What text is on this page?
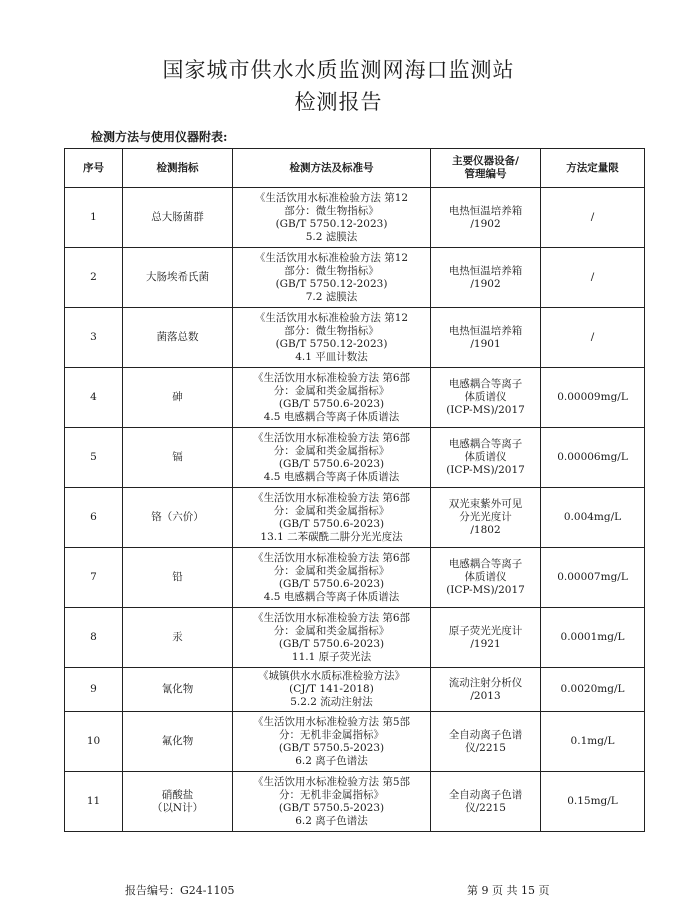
国家城市供水水质监测网海口监测站
检测报告
检测方法与使用仪器附表:
序号	检测指标	检测方法及标准号	主要仪器设备/
管理编号	方法定量限
1	总大肠菌群	《生活饮用水标准检验方法 第12
部分：微生物指标》
(GB/T 5750.12-2023)
5.2 滤膜法	电热恒温培养箱
/1902	/
2	大肠埃希氏菌	《生活饮用水标准检验方法 第12
部分：微生物指标》
(GB/T 5750.12-2023)
7.2 滤膜法	电热恒温培养箱
/1902	/
3	菌落总数	《生活饮用水标准检验方法 第12
部分：微生物指标》
(GB/T 5750.12-2023)
4.1 平皿计数法	电热恒温培养箱
/1901	/
4	砷	《生活饮用水标准检验方法 第6部
分：金属和类金属指标》
(GB/T 5750.6-2023)
4.5 电感耦合等离子体质谱法	电感耦合等离子
体质谱仪
(ICP-MS)/2017	0.00009mg/L
5	镉	《生活饮用水标准检验方法 第6部
分：金属和类金属指标》
(GB/T 5750.6-2023)
4.5 电感耦合等离子体质谱法	电感耦合等离子
体质谱仪
(ICP-MS)/2017	0.00006mg/L
6	铬（六价）	《生活饮用水标准检验方法 第6部
分：金属和类金属指标》
(GB/T 5750.6-2023)
13.1 二苯碳酰二肼分光光度法	双光束紫外可见
分光光度计
/1802	0.004mg/L
7	铅	《生活饮用水标准检验方法 第6部
分：金属和类金属指标》
(GB/T 5750.6-2023)
4.5 电感耦合等离子体质谱法	电感耦合等离子
体质谱仪
(ICP-MS)/2017	0.00007mg/L
8	汞	《生活饮用水标准检验方法 第6部
分：金属和类金属指标》
(GB/T 5750.6-2023)
11.1 原子荧光法	原子荧光光度计
/1921	0.0001mg/L
9	氰化物	《城镇供水水质标准检验方法》
(CJ/T 141-2018)
5.2.2 流动注射法	流动注射分析仪
/2013	0.0020mg/L
10	氟化物	《生活饮用水标准检验方法 第5部
分：无机非金属指标》
(GB/T 5750.5-2023)
6.2 离子色谱法	全自动离子色谱
仪/2215	0.1mg/L
11	硝酸盐
（以N计）	《生活饮用水标准检验方法 第5部
分：无机非金属指标》
(GB/T 5750.5-2023)
6.2 离子色谱法	全自动离子色谱
仪/2215	0.15mg/L
报告编号：G24-1105	第 9 页 共 15 页
